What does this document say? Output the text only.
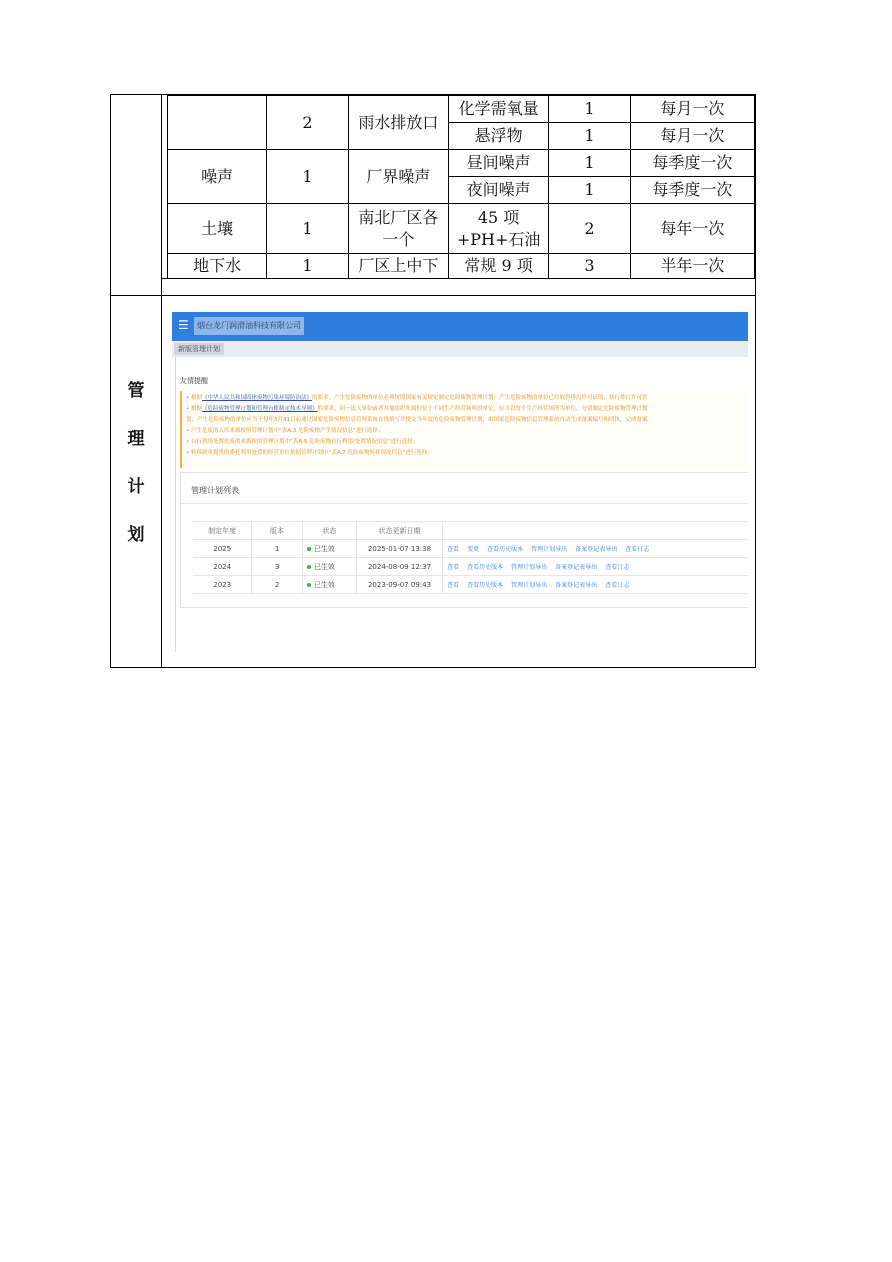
	2	雨水排放口	化学需氧量	1	每月一次
			悬浮物	1	每月一次
噪声	1	厂界噪声	昼间噪声	1	每季度一次
			夜间噪声	1	每季度一次
土壤	1	南北厂区各一个	45 项+PH+石油	2	每年一次
地下水	1	厂区上中下	常规 9 项	3	半年一次
管
理
计
划
☰	烟台龙门润滑油科技有限公司
新版管理计划
友情提醒
管理计划列表
制定年度	版本	状态	状态更新日期	
2025	1	已生效	2025-01-07 13:38	查看 变更 查看历史版本 管理计划导出 备案登记表导出 查看日志
2024	3	已生效	2024-08-09 12:37	查看 查看历史版本 管理计划导出 备案登记表导出 查看日志
2023	2	已生效	2023-09-07 09:43	查看 查看历史版本 管理计划导出 备案登记表导出 查看日志
• 根据《中华人民共和国固体废物污染环境防治法》的要求，产生危险废物的单位必须按照国家有关规定制定危险废物管理计划；产生危险废物的单位已经取得排污许可证的，执行排污许可管
• 根据《危险废物管理计划和管理台账制定技术导则》的要求，同一法人单位或者其他组织所属但位于不同生产经营场所的单位，应当以每个生产经营场所为单位，分别制定危险废物管理计划
划；产生危险废物的单位应当于每年3月31日前通过国家危险废物信息管理系统在线填写并提交当年度的危险废物管理计划，由国家危险废物信息管理系统自动生成备案编号和回执，完成备案
• 产生危废的入库来源按照管理计划中“表A.3 危险废物产生情况信息”进行选择；
• 自行利用处置危废的来源按照管理计划中“表A.5 危险废物自行利用/处置情况信息”进行选择；
• 转移联单提货的委托利用处置的经营单位依据管理计划中“表A.7 危险废物转移情况信息”进行选择；
